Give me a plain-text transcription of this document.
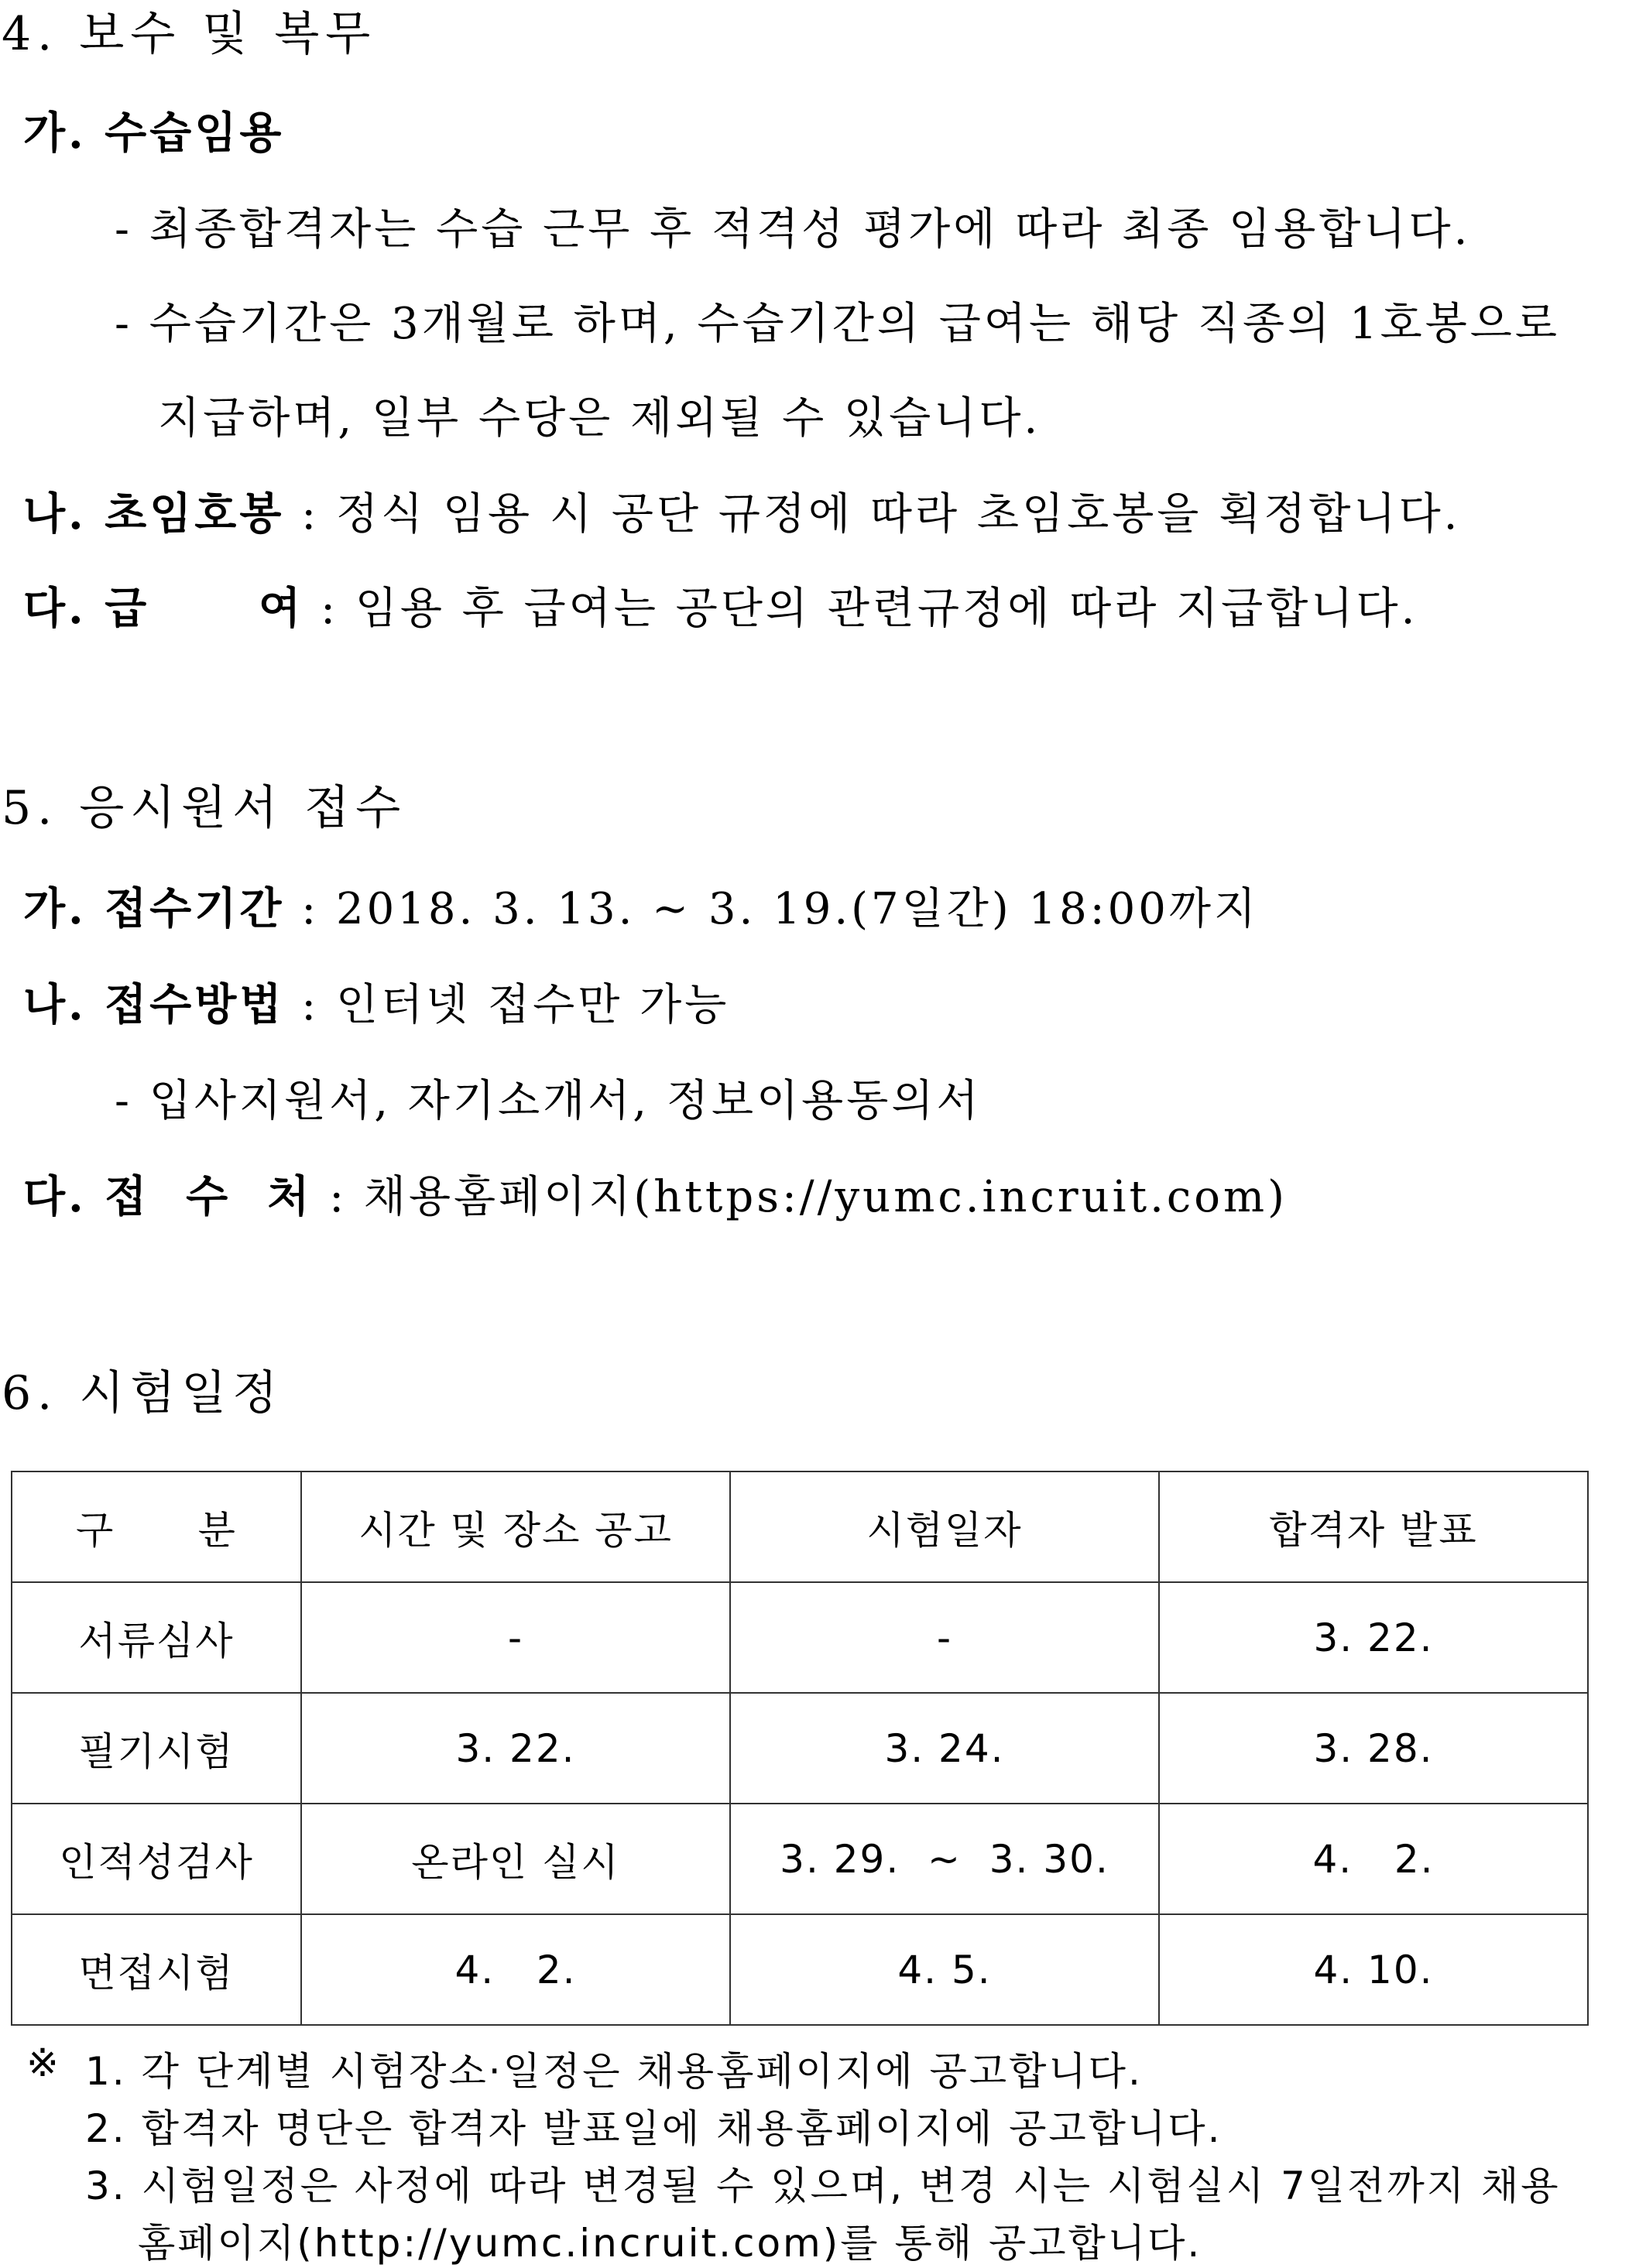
4. 보수 및 복무
가. 수습임용
- 최종합격자는 수습 근무 후 적격성 평가에 따라 최종 임용합니다.
- 수습기간은 3개월로 하며, 수습기간의 급여는 해당 직종의 1호봉으로
지급하며, 일부 수당은 제외될 수 있습니다.
나. 초임호봉 : 정식 임용 시 공단 규정에 따라 초임호봉을 획정합니다.
다. 급      여 : 임용 후 급여는 공단의 관련규정에 따라 지급합니다.
5. 응시원서 접수
가. 접수기간 : 2018. 3. 13. ~ 3. 19.(7일간) 18:00까지
나. 접수방법 : 인터넷 접수만 가능
- 입사지원서, 자기소개서, 정보이용동의서
다. 접  수  처 : 채용홈페이지(https://yumc.incruit.com)
6. 시험일정
구      분	시간 및 장소 공고	시험일자	합격자 발표
서류심사	-	-	3. 22.
필기시험	3. 22.	3. 24.	3. 28.
인적성검사	온라인 실시	3. 29.  ~  3. 30.	4.   2.
면접시험	4.   2.	4. 5.	4. 10.
※ 1. 각 단계별 시험장소·일정은 채용홈페이지에 공고합니다.
2. 합격자 명단은 합격자 발표일에 채용홈페이지에 공고합니다.
3. 시험일정은 사정에 따라 변경될 수 있으며, 변경 시는 시험실시 7일전까지 채용
홈페이지(http://yumc.incruit.com)를 통해 공고합니다.
